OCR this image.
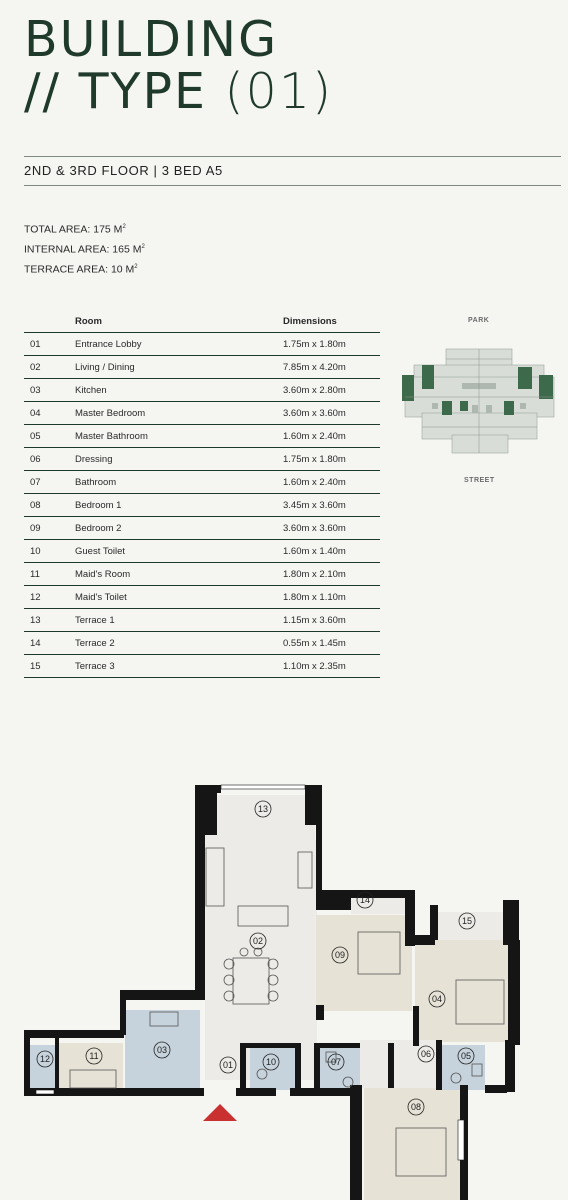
BUILDING
// TYPE (01)
2ND & 3RD FLOOR | 3 BED A5
TOTAL AREA: 175 $M^2$
INTERNAL AREA: 165 $M^2$
TERRACE AREA: 10 $M^2$
	Room	Dimensions
01	Entrance Lobby	1.75m x 1.80m
02	Living / Dining	7.85m x 4.20m
03	Kitchen	3.60m x 2.80m
04	Master Bedroom	3.60m x 3.60m
05	Master Bathroom	1.60m x 2.40m
06	Dressing	1.75m x 1.80m
07	Bathroom	1.60m x 2.40m
08	Bedroom 1	3.45m x 3.60m
09	Bedroom 2	3.60m x 3.60m
10	Guest Toilet	1.60m x 1.40m
11	Maid's Room	1.80m x 2.10m
12	Maid's Toilet	1.80m x 1.10m
13	Terrace 1	1.15m x 3.60m
14	Terrace 2	0.55m x 1.45m
15	Terrace 3	1.10m x 2.35m
PARK
STREET
13
02
14
15
09
04
03
12	11
01	10	07
06	05
08
